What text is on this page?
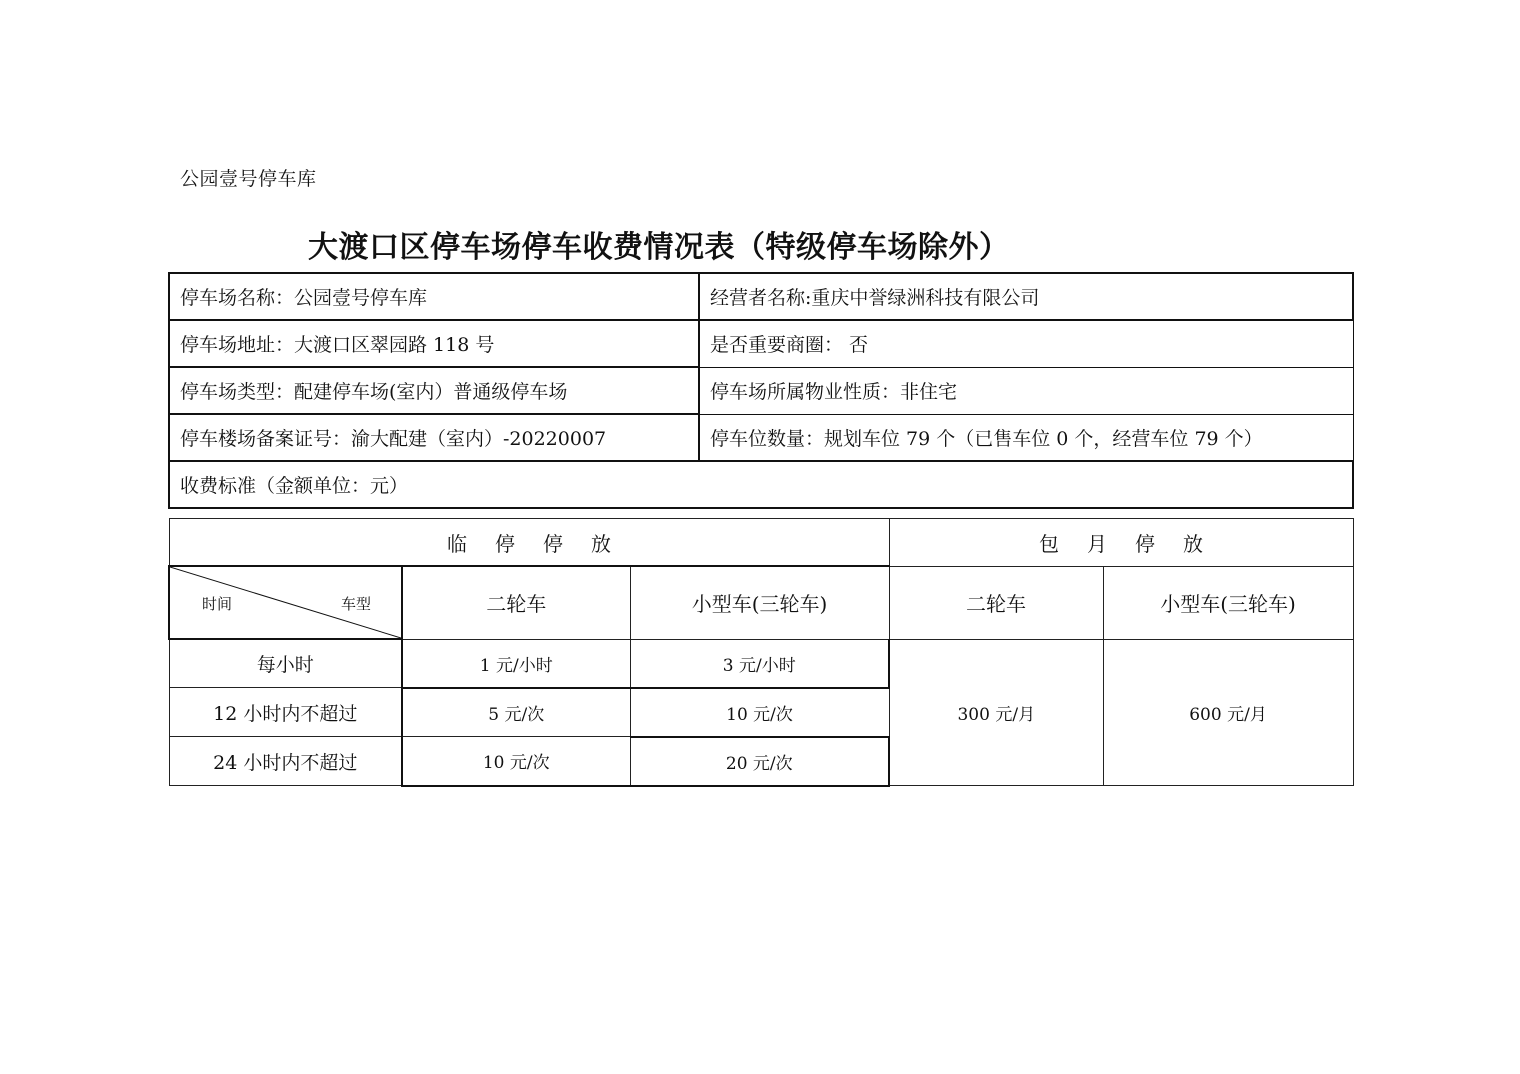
公园壹号停车库
大渡口区停车场停车收费情况表（特级停车场除外）
停车场名称：公园壹号停车库	经营者名称:重庆中誉绿洲科技有限公司
停车场地址：大渡口区翠园路 118 号	是否重要商圈： 否
停车场类型：配建停车场(室内）普通级停车场	停车场所属物业性质：非住宅
停车楼场备案证号：渝大配建（室内）-20220007	停车位数量：规划车位 79 个（已售车位 0 个，经营车位 79 个）
收费标准（金额单位：元）	
临停停放			包月停放	

时间 车型	二轮车	小型车(三轮车)	二轮车	小型车(三轮车)
每小时	1 元/小时	3 元/小时	300 元/月	600 元/月
12 小时内不超过	5 元/次	10 元/次		
24 小时内不超过	10 元/次	20 元/次		
